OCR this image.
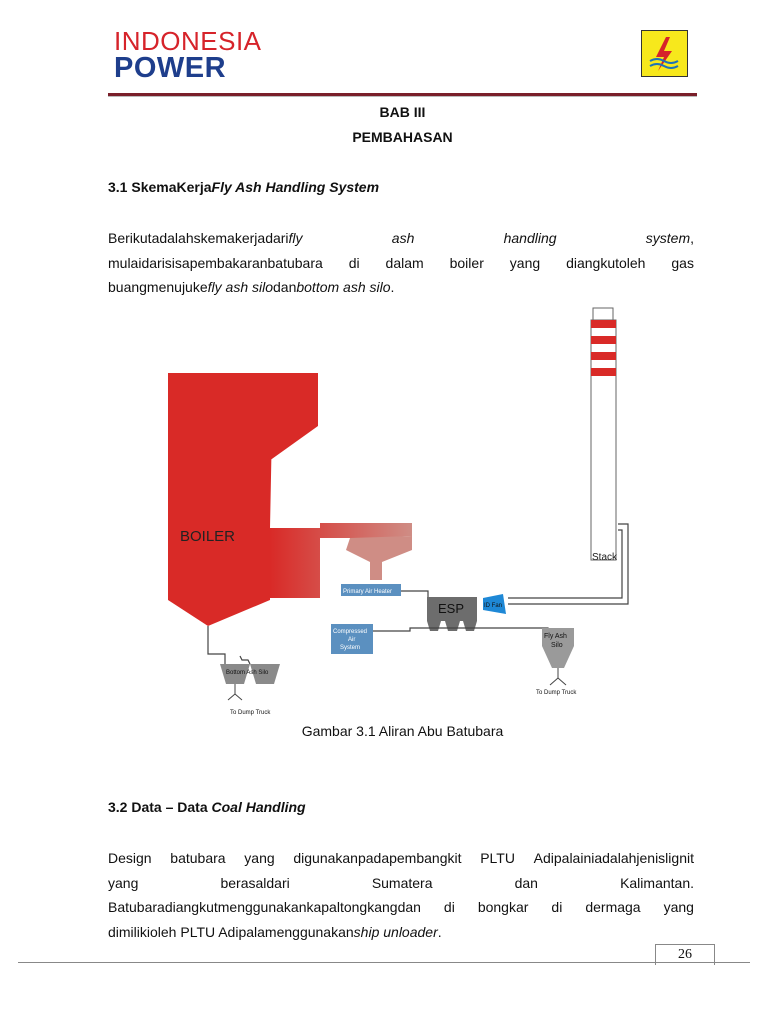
INDONESIA
POWER
BAB III
PEMBAHASAN
3.1 SkemaKerjaFly Ash Handling System
Berikutadalahskemakerjadarifly	ash	handling	system,
mulaidarisisapembakaranbatubara di dalam boiler yang diangkutoleh gas
buangmenujukefly ash silodanbottom ash silo.
BOILER
Stack
Primary Air Heater
ESP	ID Fan
Compressed
Air
System
Fly Ash
Silo
To Dump Truck
Bottom Ash Silo
To Dump Truck
Gambar 3.1 Aliran Abu Batubara
3.2 Data – Data Coal Handling
Design batubara yang digunakanpadapembangkit PLTU Adipalainiadalahjenislignit
yang	berasaldari	Sumatera	dan	Kalimantan.
Batubaradiangkutmenggunakankapaltongkangdan di bongkar di dermaga yang
dimilikioleh PLTU Adipalamenggunakanship unloader.
26
